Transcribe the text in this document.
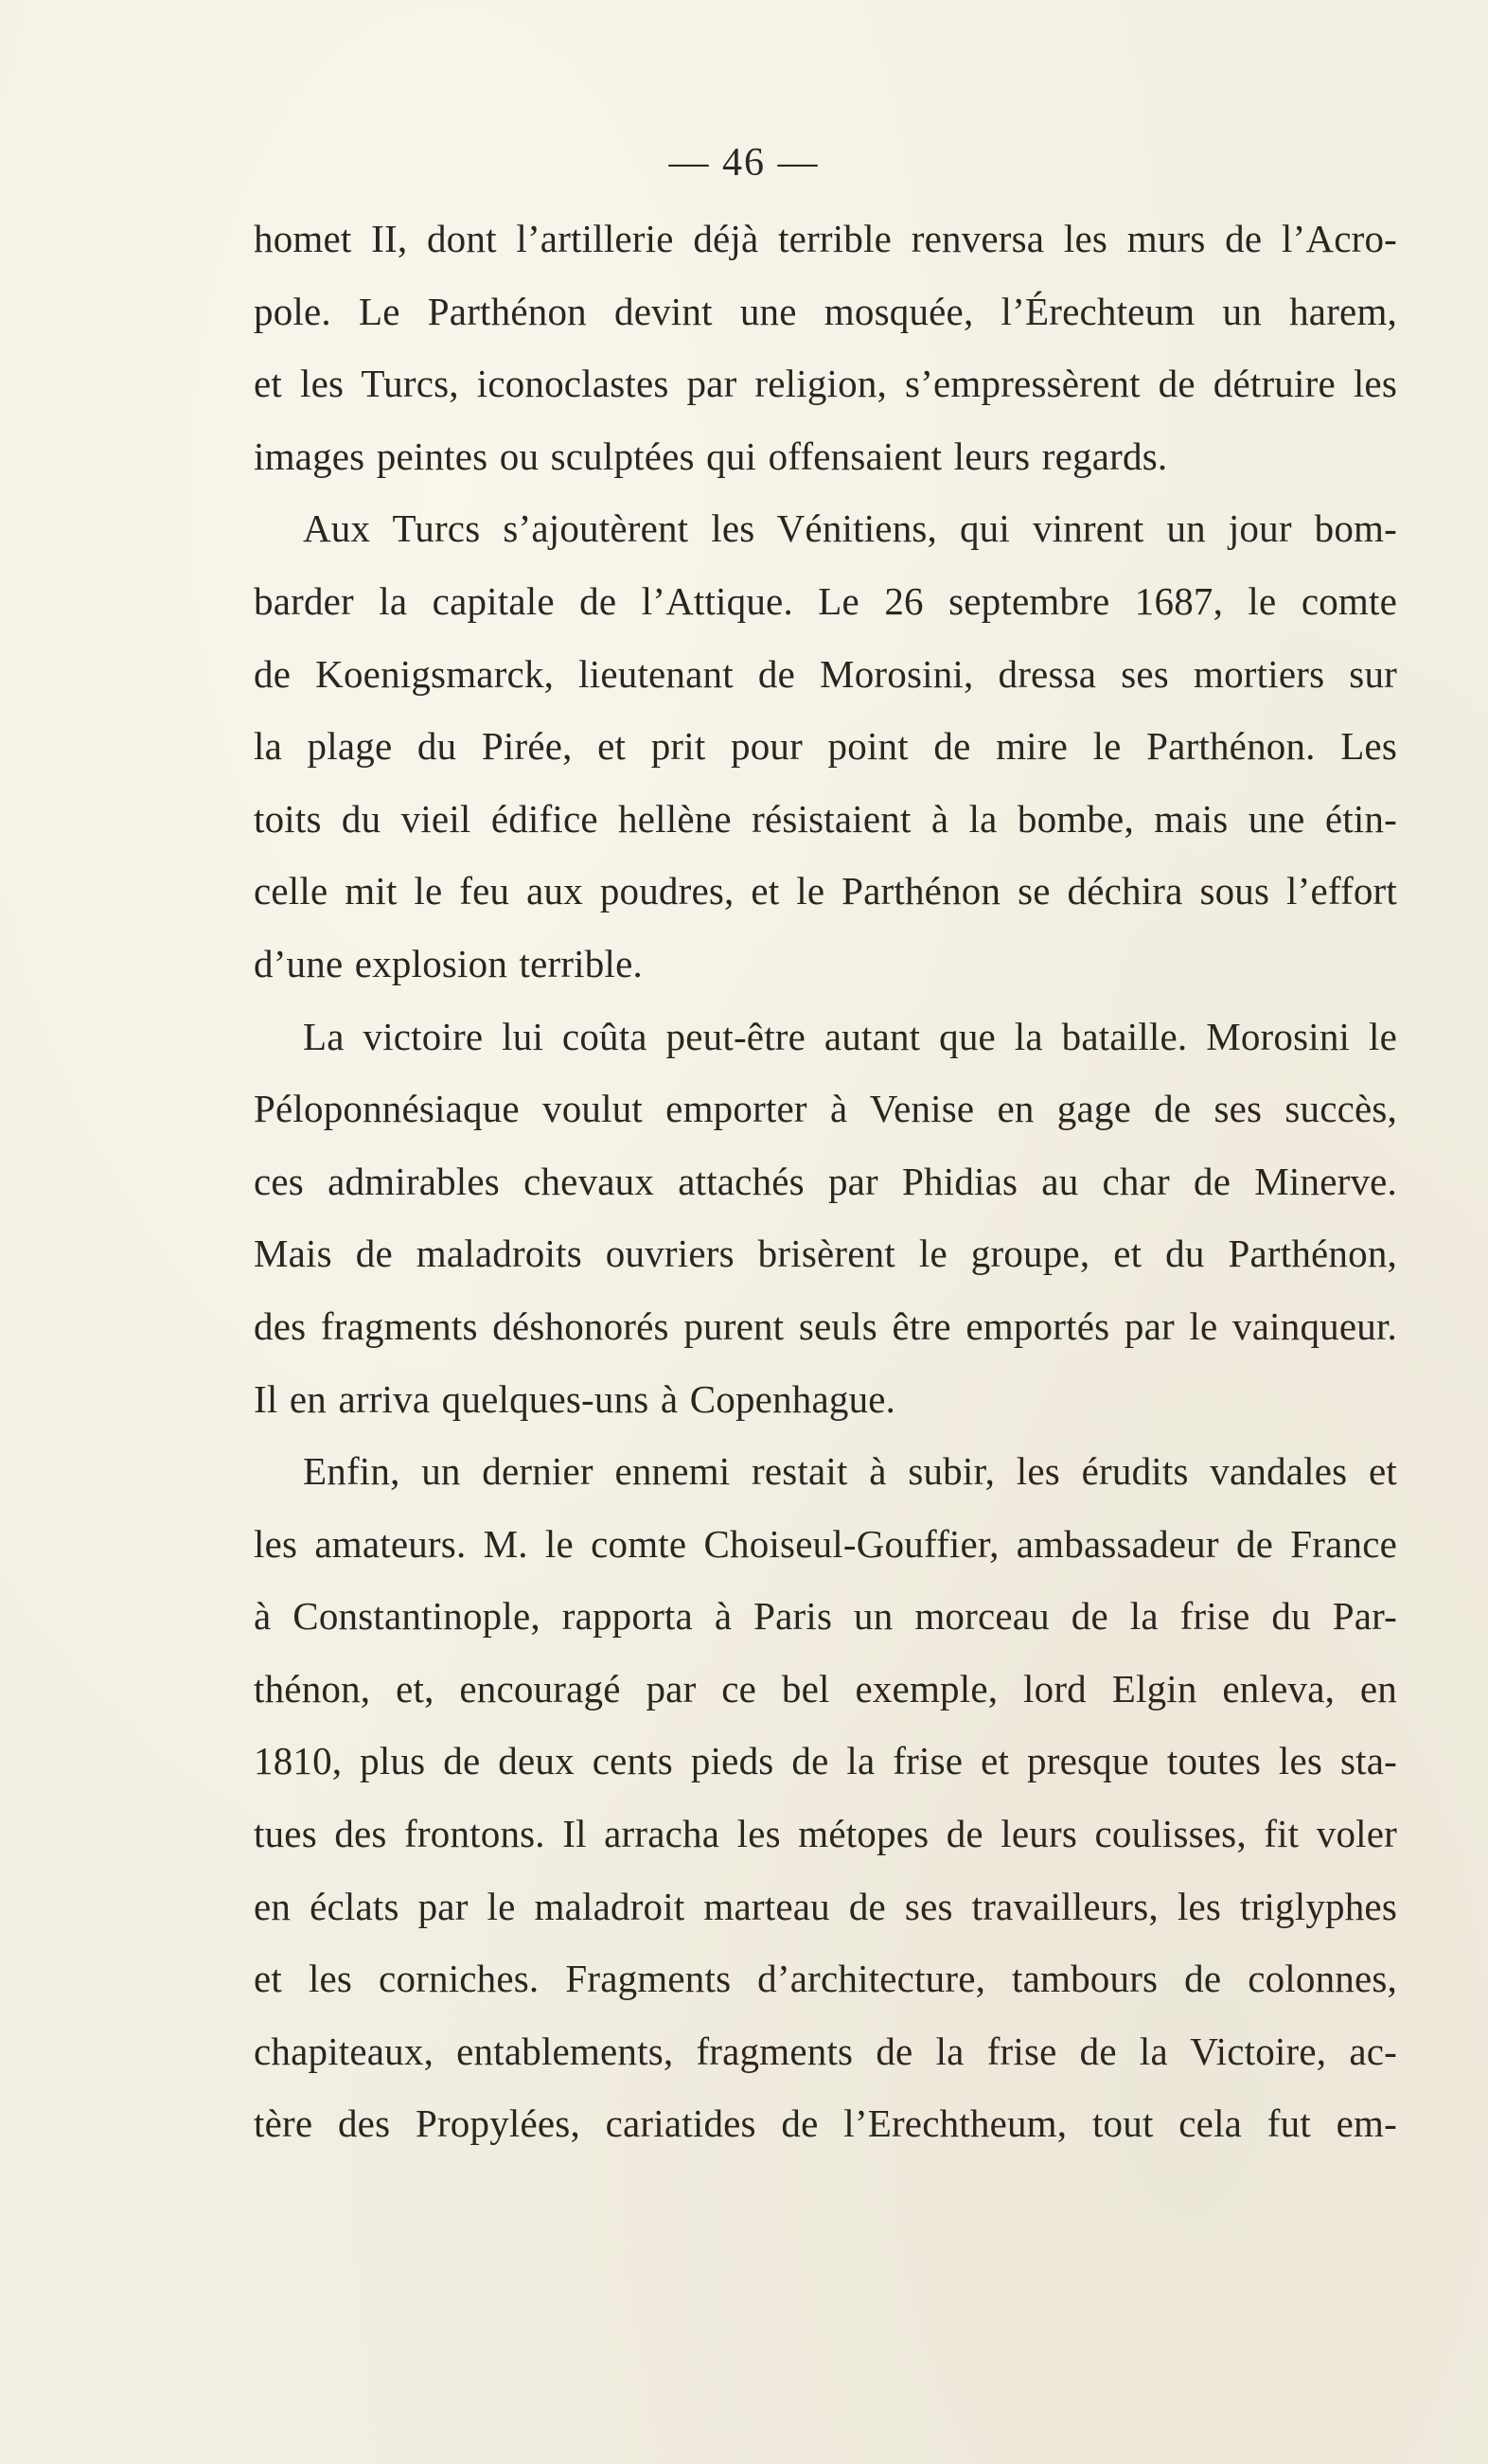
— 46 —
homet II, dont l’artillerie déjà terrible renversa les murs de l’Acro-
pole. Le Parthénon devint une mosquée, l’Érechteum un harem,
et les Turcs, iconoclastes par religion, s’empressèrent de détruire les
images peintes ou sculptées qui offensaient leurs regards.
Aux Turcs s’ajoutèrent les Vénitiens, qui vinrent un jour bom-
barder la capitale de l’Attique. Le 26 septembre 1687, le comte
de Koenigsmarck, lieutenant de Morosini, dressa ses mortiers sur
la plage du Pirée, et prit pour point de mire le Parthénon. Les
toits du vieil édifice hellène résistaient à la bombe, mais une étin-
celle mit le feu aux poudres, et le Parthénon se déchira sous l’effort
d’une explosion terrible.
La victoire lui coûta peut-être autant que la bataille. Morosini le
Péloponnésiaque voulut emporter à Venise en gage de ses succès,
ces admirables chevaux attachés par Phidias au char de Minerve.
Mais de maladroits ouvriers brisèrent le groupe, et du Parthénon,
des fragments déshonorés purent seuls être emportés par le vainqueur.
Il en arriva quelques-uns à Copenhague.
Enfin, un dernier ennemi restait à subir, les érudits vandales et
les amateurs. M. le comte Choiseul-Gouffier, ambassadeur de France
à Constantinople, rapporta à Paris un morceau de la frise du Par-
thénon, et, encouragé par ce bel exemple, lord Elgin enleva, en
1810, plus de deux cents pieds de la frise et presque toutes les sta-
tues des frontons. Il arracha les métopes de leurs coulisses, fit voler
en éclats par le maladroit marteau de ses travailleurs, les triglyphes
et les corniches. Fragments d’architecture, tambours de colonnes,
chapiteaux, entablements, fragments de la frise de la Victoire, ac-
tère des Propylées, cariatides de l’Erechtheum, tout cela fut em-
